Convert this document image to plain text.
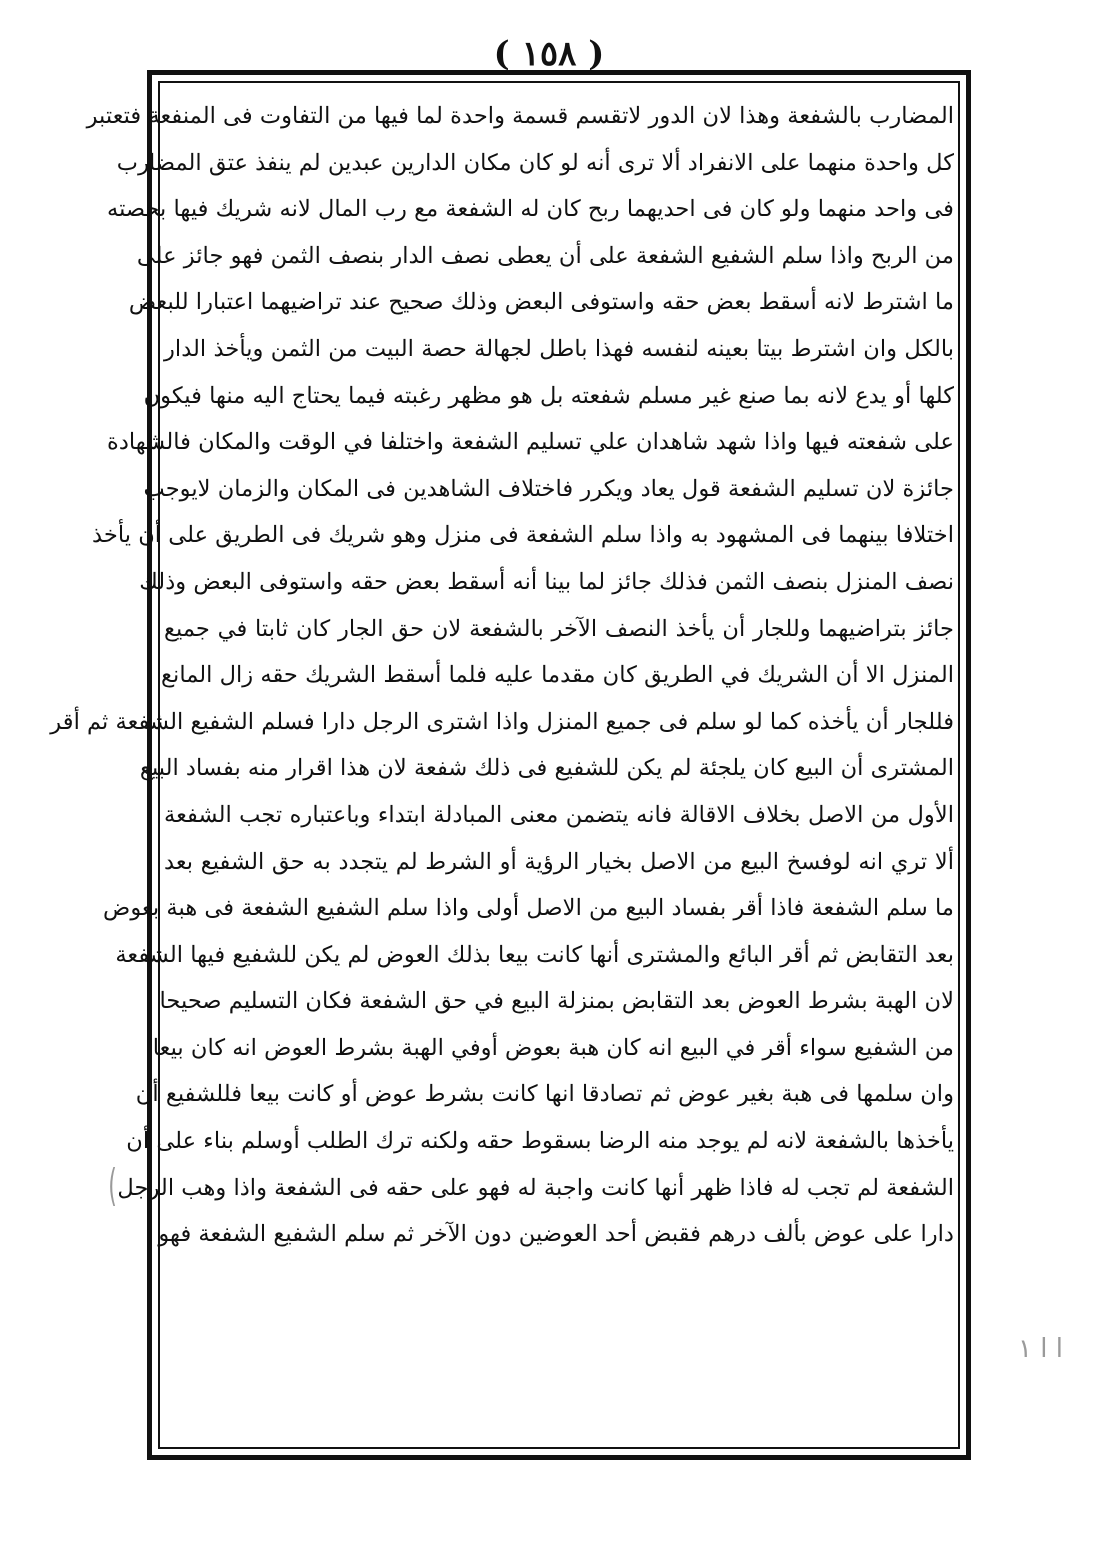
( ١٥٨ )
(
ا ا ۱
المضارب بالشفعة وهذا لان الدور لاتقسم قسمة واحدة لما فيها من التفاوت فى المنفعة فتعتبر
كل واحدة منهما على الانفراد ألا ترى أنه لو كان مكان الدارين عبدين لم ينفذ عتق المضارب
فى واحد منهما ولو كان فى احديهما ربح كان له الشفعة مع رب المال لانه شريك فيها بحصته
من الربح واذا سلم الشفيع الشفعة على أن يعطى نصف الدار بنصف الثمن فهو جائز على
ما اشترط لانه أسقط بعض حقه واستوفى البعض وذلك صحيح عند تراضيهما اعتبارا للبعض
بالكل وان اشترط بيتا بعينه لنفسه فهذا باطل لجهالة حصة البيت من الثمن ويأخذ الدار
كلها أو يدع لانه بما صنع غير مسلم شفعته بل هو مظهر رغبته فيما يحتاج اليه منها فيكون
على شفعته فيها واذا شهد شاهدان علي تسليم الشفعة واختلفا في الوقت والمكان فالشهادة
جائزة لان تسليم الشفعة قول يعاد ويكرر فاختلاف الشاهدين فى المكان والزمان لايوجب
اختلافا بينهما فى المشهود به واذا سلم الشفعة فى منزل وهو شريك فى الطريق على أن يأخذ
نصف المنزل بنصف الثمن فذلك جائز لما بينا أنه أسقط بعض حقه واستوفى البعض وذلك
جائز بتراضيهما وللجار أن يأخذ النصف الآخر بالشفعة لان حق الجار كان ثابتا في جميع
المنزل الا أن الشريك في الطريق كان مقدما عليه فلما أسقط الشريك حقه زال المانع
فللجار أن يأخذه كما لو سلم فى جميع المنزل واذا اشترى الرجل دارا فسلم الشفيع الشفعة ثم أقر
المشترى أن البيع كان يلجئة لم يكن للشفيع فى ذلك شفعة لان هذا اقرار منه بفساد البيع
الأول من الاصل بخلاف الاقالة فانه يتضمن معنى المبادلة ابتداء وباعتباره تجب الشفعة
ألا تري انه لوفسخ البيع من الاصل بخيار الرؤية أو الشرط لم يتجدد به حق الشفيع بعد
ما سلم الشفعة فاذا أقر بفساد البيع من الاصل أولى واذا سلم الشفيع الشفعة فى هبة بعوض
بعد التقابض ثم أقر البائع والمشترى أنها كانت بيعا بذلك العوض لم يكن للشفيع فيها الشفعة
لان الهبة بشرط العوض بعد التقابض بمنزلة البيع في حق الشفعة فكان التسليم صحيحا
من الشفيع سواء أقر في البيع انه كان هبة بعوض أوفي الهبة بشرط العوض انه كان بيعا
وان سلمها فى هبة بغير عوض ثم تصادقا انها كانت بشرط عوض أو كانت بيعا فللشفيع أن
يأخذها بالشفعة لانه لم يوجد منه الرضا بسقوط حقه ولكنه ترك الطلب أوسلم بناء على أن
الشفعة لم تجب له فاذا ظهر أنها كانت واجبة له فهو على حقه فى الشفعة واذا وهب الرجل
دارا على عوض بألف درهم فقبض أحد العوضين دون الآخر ثم سلم الشفيع الشفعة فهو
